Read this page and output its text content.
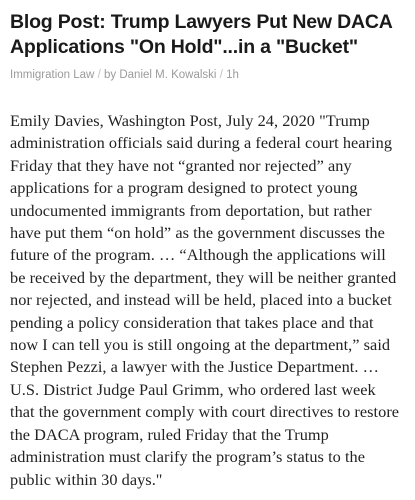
Blog Post: Trump Lawyers Put New DACA Applications "On Hold"...in a "Bucket"
Immigration Law / by Daniel M. Kowalski / 1h

Emily Davies, Washington Post, July 24, 2020 "Trump administration officials said during a federal court hearing Friday that they have not “granted nor rejected” any applications for a program designed to protect young undocumented immigrants from deportation, but rather have put them “on hold” as the government discusses the future of the program. … “Although the applications will be received by the department, they will be neither granted nor rejected, and instead will be held, placed into a bucket pending a policy consideration that takes place and that now I can tell you is still ongoing at the department,” said Stephen Pezzi, a lawyer with the Justice Department. … U.S. District Judge Paul Grimm, who ordered last week that the government comply with court directives to restore the DACA program, ruled Friday that the Trump administration must clarify the program’s status to the public within 30 days."
